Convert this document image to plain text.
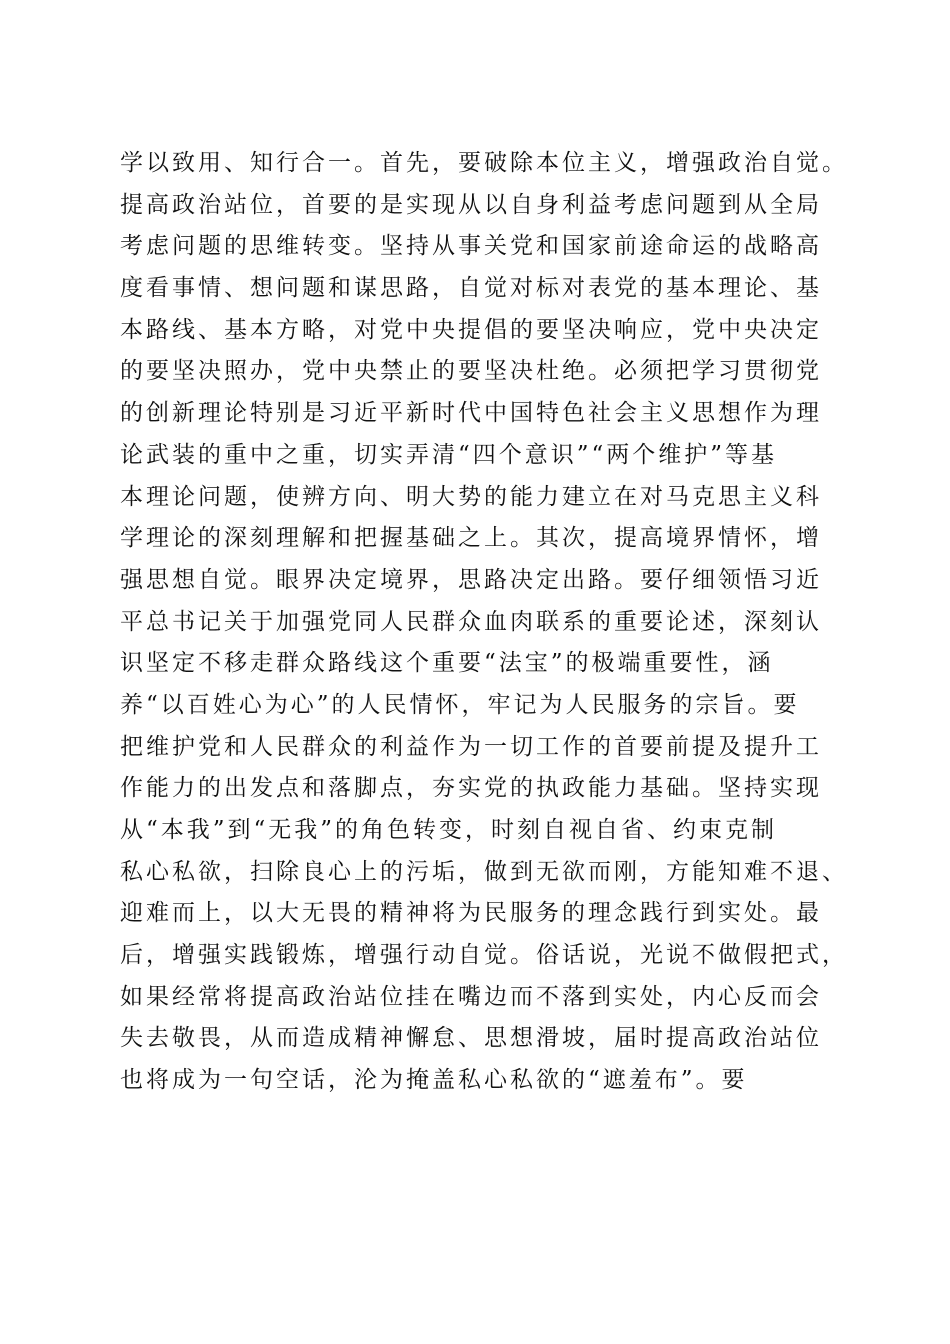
学以致用、知行合一。首先，要破除本位主义，增强政治自觉。
提高政治站位，首要的是实现从以自身利益考虑问题到从全局
考虑问题的思维转变。坚持从事关党和国家前途命运的战略高
度看事情、想问题和谋思路，自觉对标对表党的基本理论、基
本路线、基本方略，对党中央提倡的要坚决响应，党中央决定
的要坚决照办，党中央禁止的要坚决杜绝。必须把学习贯彻党
的创新理论特别是习近平新时代中国特色社会主义思想作为理
论武装的重中之重，切实弄清“四个意识”“两个维护”等基
本理论问题，使辨方向、明大势的能力建立在对马克思主义科
学理论的深刻理解和把握基础之上。其次，提高境界情怀，增
强思想自觉。眼界决定境界，思路决定出路。要仔细领悟习近
平总书记关于加强党同人民群众血肉联系的重要论述，深刻认
识坚定不移走群众路线这个重要“法宝”的极端重要性，涵
养“以百姓心为心”的人民情怀，牢记为人民服务的宗旨。要
把维护党和人民群众的利益作为一切工作的首要前提及提升工
作能力的出发点和落脚点，夯实党的执政能力基础。坚持实现
从“本我”到“无我”的角色转变，时刻自视自省、约束克制
私心私欲，扫除良心上的污垢，做到无欲而刚，方能知难不退、
迎难而上，以大无畏的精神将为民服务的理念践行到实处。最
后，增强实践锻炼，增强行动自觉。俗话说，光说不做假把式，
如果经常将提高政治站位挂在嘴边而不落到实处，内心反而会
失去敬畏，从而造成精神懈怠、思想滑坡，届时提高政治站位
也将成为一句空话，沦为掩盖私心私欲的“遮羞布”。要
